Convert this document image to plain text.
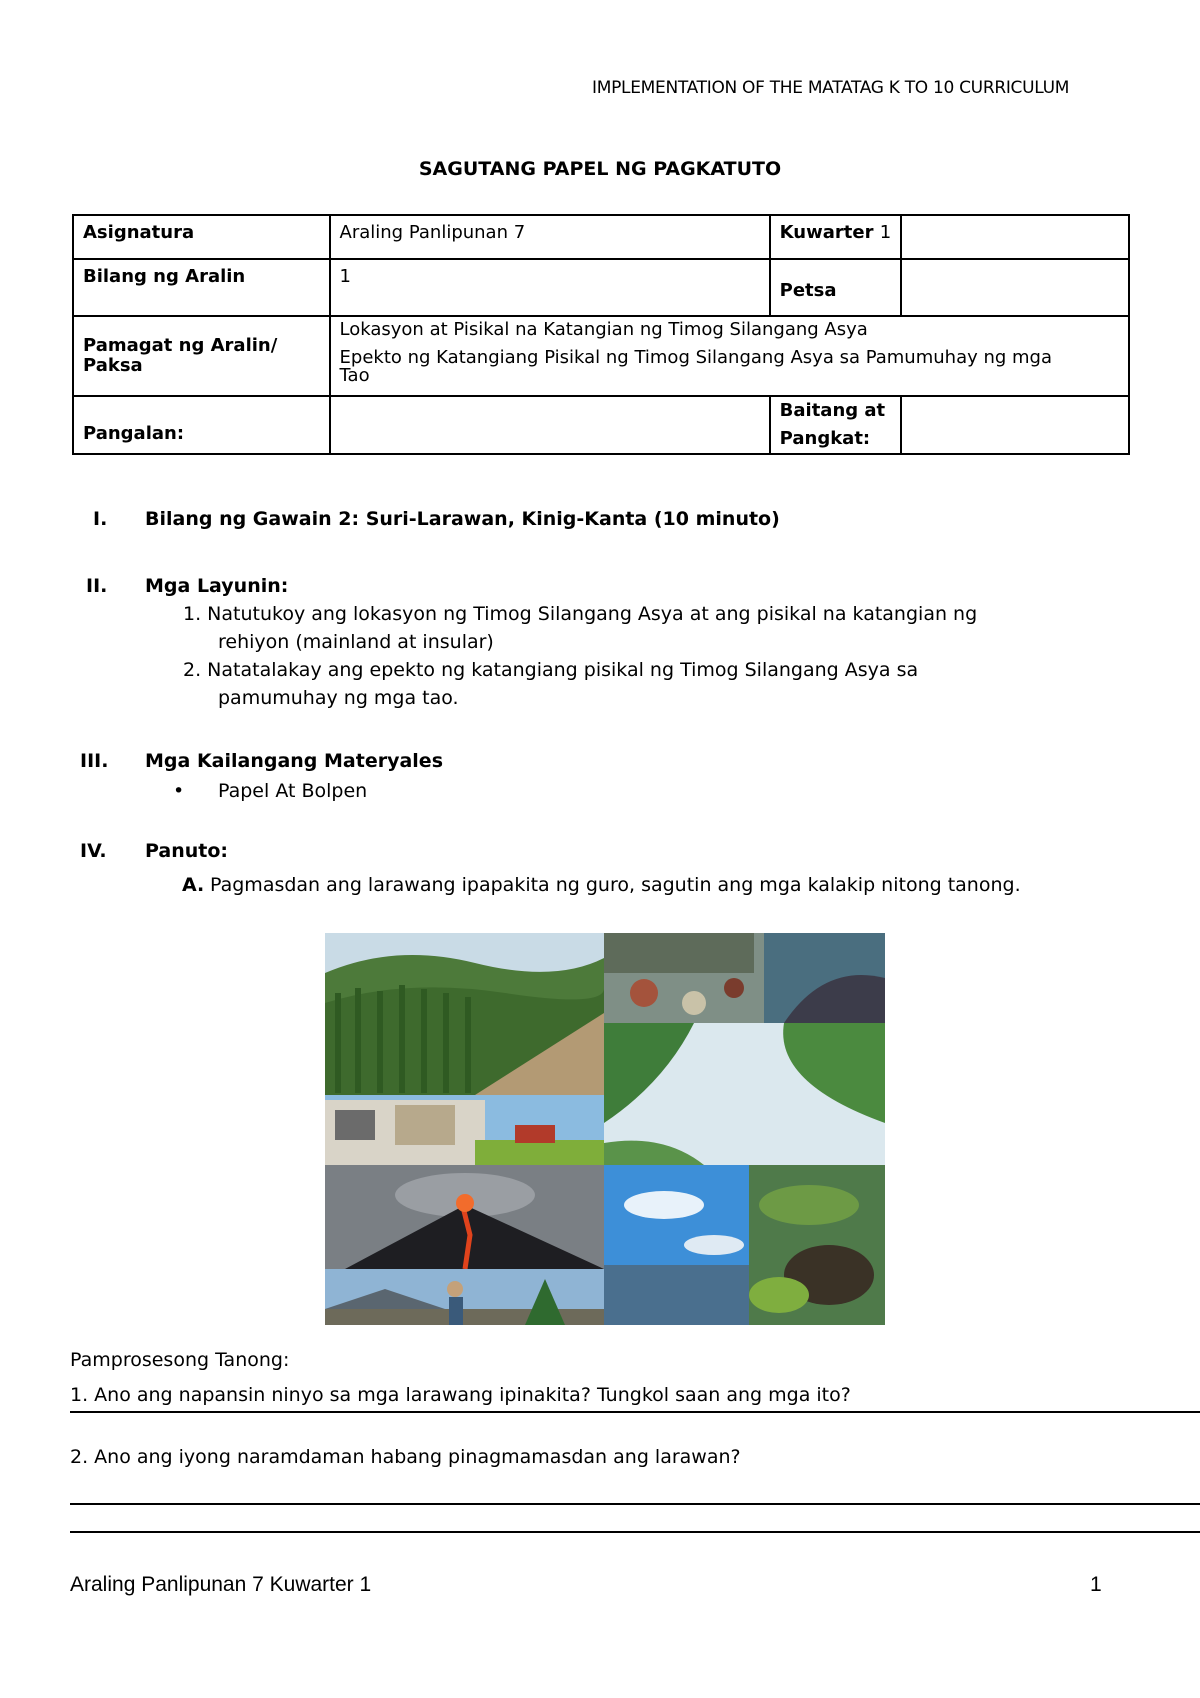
IMPLEMENTATION OF THE MATATAG K TO 10 CURRICULUM
SAGUTANG PAPEL NG PAGKATUTO
Asignatura	Araling Panlipunan 7	Kuwarter 1	
Bilang ng Aralin	1	Petsa	

Pamagat ng Aralin/ Paksa	Lokasyon at Pisikal na Katangian ng Timog Silangang Asya
Epekto ng Katangiang Pisikal ng Timog Silangang Asya sa Pamumuhay ng mga Tao		

Pangalan:		Baitang at Pangkat:	
I. Bilang ng Gawain 2: Suri-Larawan, Kinig-Kanta (10 minuto)
II. Mga Layunin:
1. Natutukoy ang lokasyon ng Timog Silangang Asya at ang pisikal na katangian ng
rehiyon (mainland at insular)
2. Natatalakay ang epekto ng katangiang pisikal ng Timog Silangang Asya sa
pamumuhay ng mga tao.
III. Mga Kailangang Materyales
• Papel At Bolpen
IV. Panuto:
A. Pagmasdan ang larawang ipapakita ng guro, sagutin ang mga kalakip nitong tanong.
Pamprosesong Tanong:
1. Ano ang napansin ninyo sa mga larawang ipinakita? Tungkol saan ang mga ito?
2. Ano ang iyong naramdaman habang pinagmamasdan ang larawan?
Araling Panlipunan 7 Kuwarter 1	1
